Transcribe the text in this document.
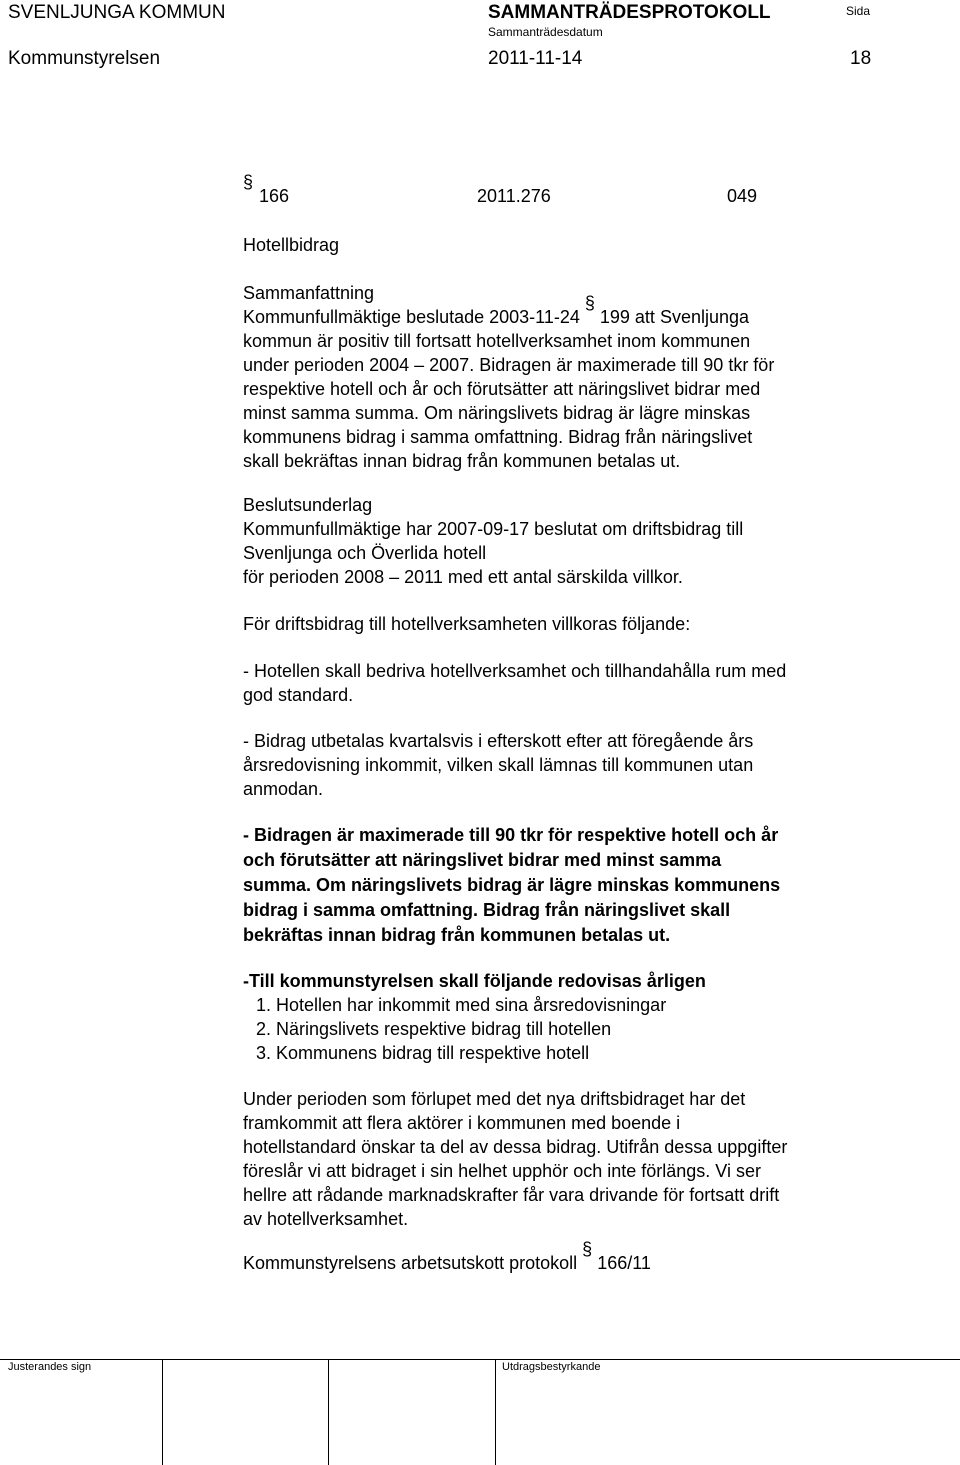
SVENLJUNGA KOMMUN	SAMMANTRÄDESPROTOKOLL	Sida
Sammanträdesdatum
Kommunstyrelsen	2011-11-14	18
§
166	2011.276	049
Hotellbidrag
Sammanfattning
Kommunfullmäktige beslutade 2003-11-24 § 199 att Svenljunga
kommun är positiv till fortsatt hotellverksamhet inom kommunen
under perioden 2004 – 2007. Bidragen är maximerade till 90 tkr för
respektive hotell och år och förutsätter att näringslivet bidrar med
minst samma summa. Om näringslivets bidrag är lägre minskas
kommunens bidrag i samma omfattning. Bidrag från näringslivet
skall bekräftas innan bidrag från kommunen betalas ut.
Beslutsunderlag
Kommunfullmäktige har 2007-09-17 beslutat om driftsbidrag till
Svenljunga och Överlida hotell
för perioden 2008 – 2011 med ett antal särskilda villkor.
För driftsbidrag till hotellverksamheten villkoras följande:
- Hotellen skall bedriva hotellverksamhet och tillhandahålla rum med
god standard.
- Bidrag utbetalas kvartalsvis i efterskott efter att föregående års
årsredovisning inkommit, vilken skall lämnas till kommunen utan
anmodan.
- Bidragen är maximerade till 90 tkr för respektive hotell och år
och förutsätter att näringslivet bidrar med minst samma
summa. Om näringslivets bidrag är lägre minskas kommunens
bidrag i samma omfattning. Bidrag från näringslivet skall
bekräftas innan bidrag från kommunen betalas ut.
-Till kommunstyrelsen skall följande redovisas årligen
1. Hotellen har inkommit med sina årsredovisningar
2. Näringslivets respektive bidrag till hotellen
3. Kommunens bidrag till respektive hotell
Under perioden som förlupet med det nya driftsbidraget har det
framkommit att flera aktörer i kommunen med boende i
hotellstandard önskar ta del av dessa bidrag. Utifrån dessa uppgifter
föreslår vi att bidraget i sin helhet upphör och inte förlängs. Vi ser
hellre att rådande marknadskrafter får vara drivande för fortsatt drift
av hotellverksamhet.
Kommunstyrelsens arbetsutskott protokoll § 166/11
Justerandes sign	Utdragsbestyrkande
